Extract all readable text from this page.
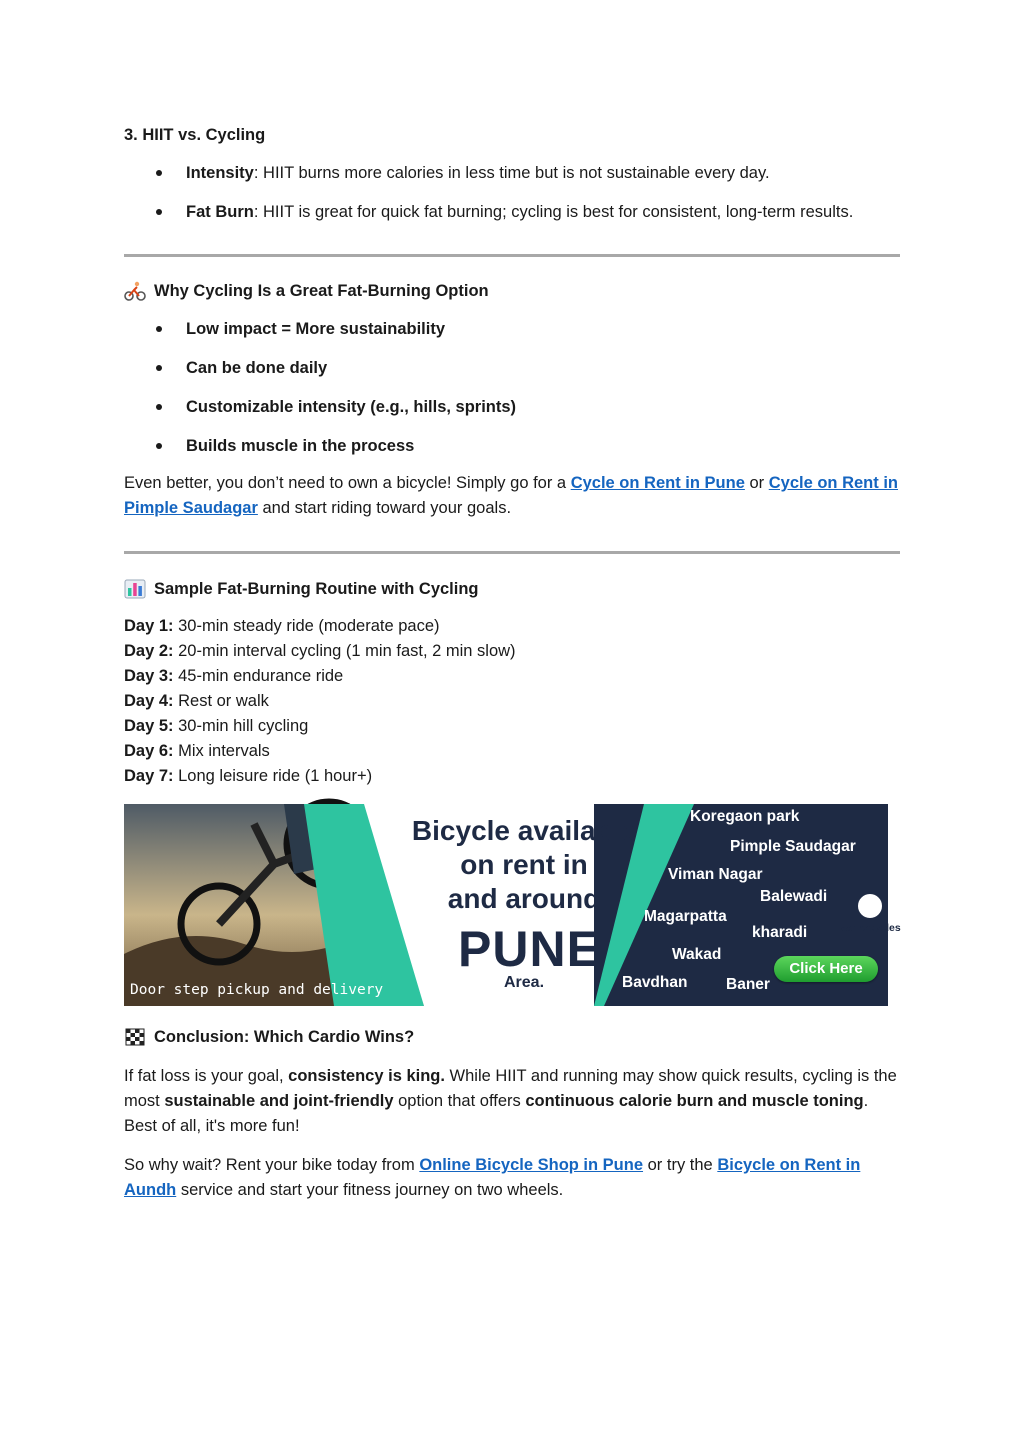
3. HIIT vs. Cycling
Intensity: HIIT burns more calories in less time but is not sustainable every day.
Fat Burn: HIIT is great for quick fat burning; cycling is best for consistent, long-term results.
Why Cycling Is a Great Fat-Burning Option
Low impact = More sustainability
Can be done daily
Customizable intensity (e.g., hills, sprints)
Builds muscle in the process

Even better, you don’t need to own a bicycle! Simply go for a Cycle on Rent in Pune or Cycle on Rent in Pimple Saudagar and start riding toward your goals.

Sample Fat-Burning Routine with Cycling

Day 1: 30-min steady ride (moderate pace)

Day 2: 20-min interval cycling (1 min fast, 2 min slow)

Day 3: 45-min endurance ride

Day 4: Rest or walk

Day 5: 30-min hill cycling

Day 6: Mix intervals

Day 7: Long leisure ride (1 hour+)

Bicycle available
on rent in
and around
PUNE
Area.
Door step pickup and delivery
Koregaon park
Pimple Saudagar
Viman Nagar
Balewadi
Magarpatta
kharadi
Wakad
Bavdhan Baner
sanrocycles
Click Here
Conclusion: Which Cardio Wins?

If fat loss is your goal, consistency is king. While HIIT and running may show quick results, cycling is the most sustainable and joint-friendly option that offers continuous calorie burn and muscle toning. Best of all, it's more fun!

So why wait? Rent your bike today from Online Bicycle Shop in Pune or try the Bicycle on Rent in Aundh service and start your fitness journey on two wheels.
